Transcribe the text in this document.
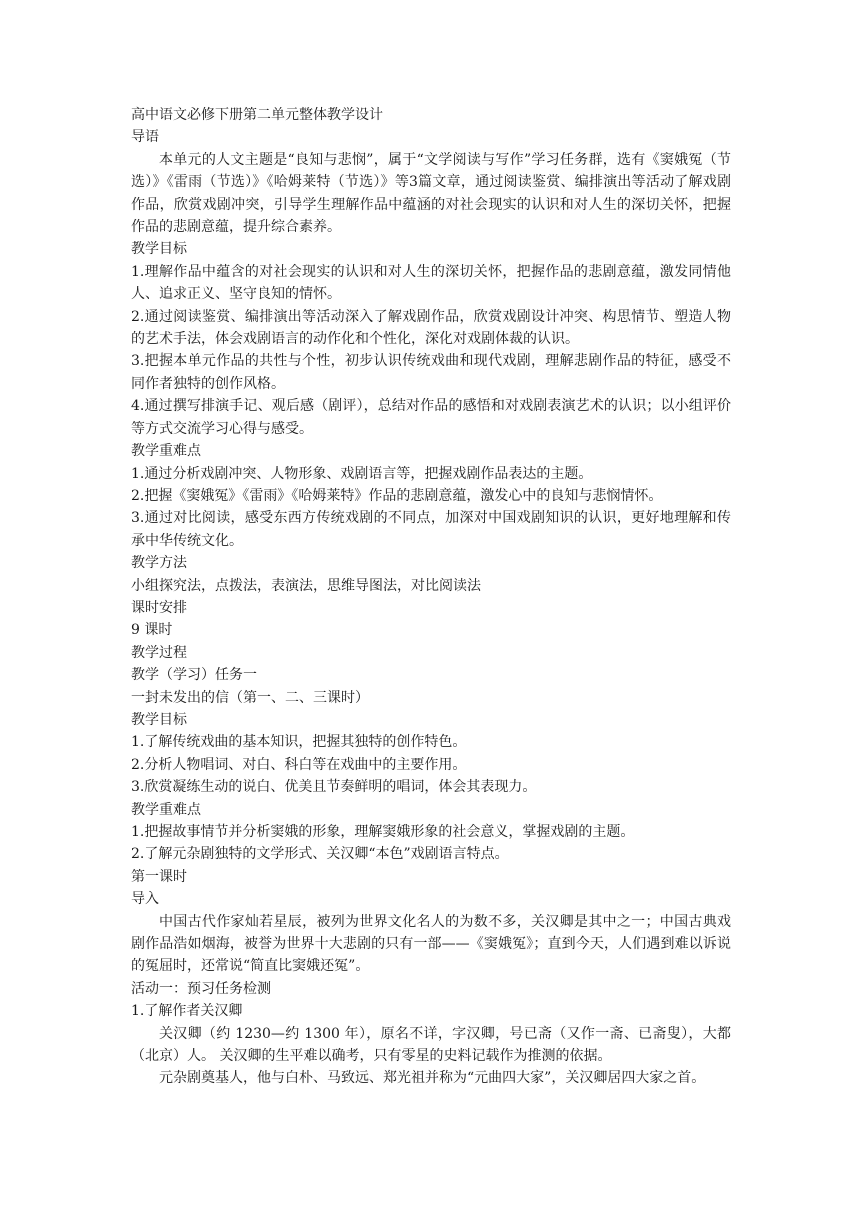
高中语文必修下册第二单元整体教学设计

导语

本单元的人文主题是“良知与悲悯”，属于“文学阅读与写作”学习任务群，选有《窦娥冤（节选）》《雷雨（节选）》《哈姆莱特（节选）》等3篇文章，通过阅读鉴赏、编排演出等活动了解戏剧作品，欣赏戏剧冲突，引导学生理解作品中蕴涵的对社会现实的认识和对人生的深切关怀，把握作品的悲剧意蕴，提升综合素养。

教学目标

1.理解作品中蕴含的对社会现实的认识和对人生的深切关怀，把握作品的悲剧意蕴，激发同情他人、追求正义、坚守良知的情怀。

2.通过阅读鉴赏、编排演出等活动深入了解戏剧作品，欣赏戏剧设计冲突、构思情节、塑造人物的艺术手法，体会戏剧语言的动作化和个性化，深化对戏剧体裁的认识。

3.把握本单元作品的共性与个性，初步认识传统戏曲和现代戏剧，理解悲剧作品的特征，感受不同作者独特的创作风格。

4.通过撰写排演手记、观后感（剧评），总结对作品的感悟和对戏剧表演艺术的认识；以小组评价等方式交流学习心得与感受。

教学重难点

1.通过分析戏剧冲突、人物形象、戏剧语言等，把握戏剧作品表达的主题。

2.把握《窦娥冤》《雷雨》《哈姆莱特》作品的悲剧意蕴，激发心中的良知与悲悯情怀。

3.通过对比阅读，感受东西方传统戏剧的不同点，加深对中国戏剧知识的认识，更好地理解和传承中华传统文化。

教学方法

小组探究法，点拨法，表演法，思维导图法，对比阅读法

课时安排

9 课时

教学过程

教学（学习）任务一

一封未发出的信（第一、二、三课时）

教学目标

1.了解传统戏曲的基本知识，把握其独特的创作特色。

2.分析人物唱词、对白、科白等在戏曲中的主要作用。

3.欣赏凝练生动的说白、优美且节奏鲜明的唱词，体会其表现力。

教学重难点

1.把握故事情节并分析窦娥的形象，理解窦娥形象的社会意义，掌握戏剧的主题。

2.了解元杂剧独特的文学形式、关汉卿“本色”戏剧语言特点。

第一课时

导入

中国古代作家灿若星辰，被列为世界文化名人的为数不多，关汉卿是其中之一；中国古典戏剧作品浩如烟海，被誉为世界十大悲剧的只有一部——《窦娥冤》；直到今天，人们遇到难以诉说的冤屈时，还常说“简直比窦娥还冤”。

活动一：预习任务检测

1.了解作者关汉卿

关汉卿（约 1230—约 1300 年），原名不详，字汉卿，号已斋（又作一斋、已斋叟），大都（北京）人。 关汉卿的生平难以确考，只有零星的史料记载作为推测的依据。

元杂剧奠基人，他与白朴、马致远、郑光祖并称为“元曲四大家”，关汉卿居四大家之首。
